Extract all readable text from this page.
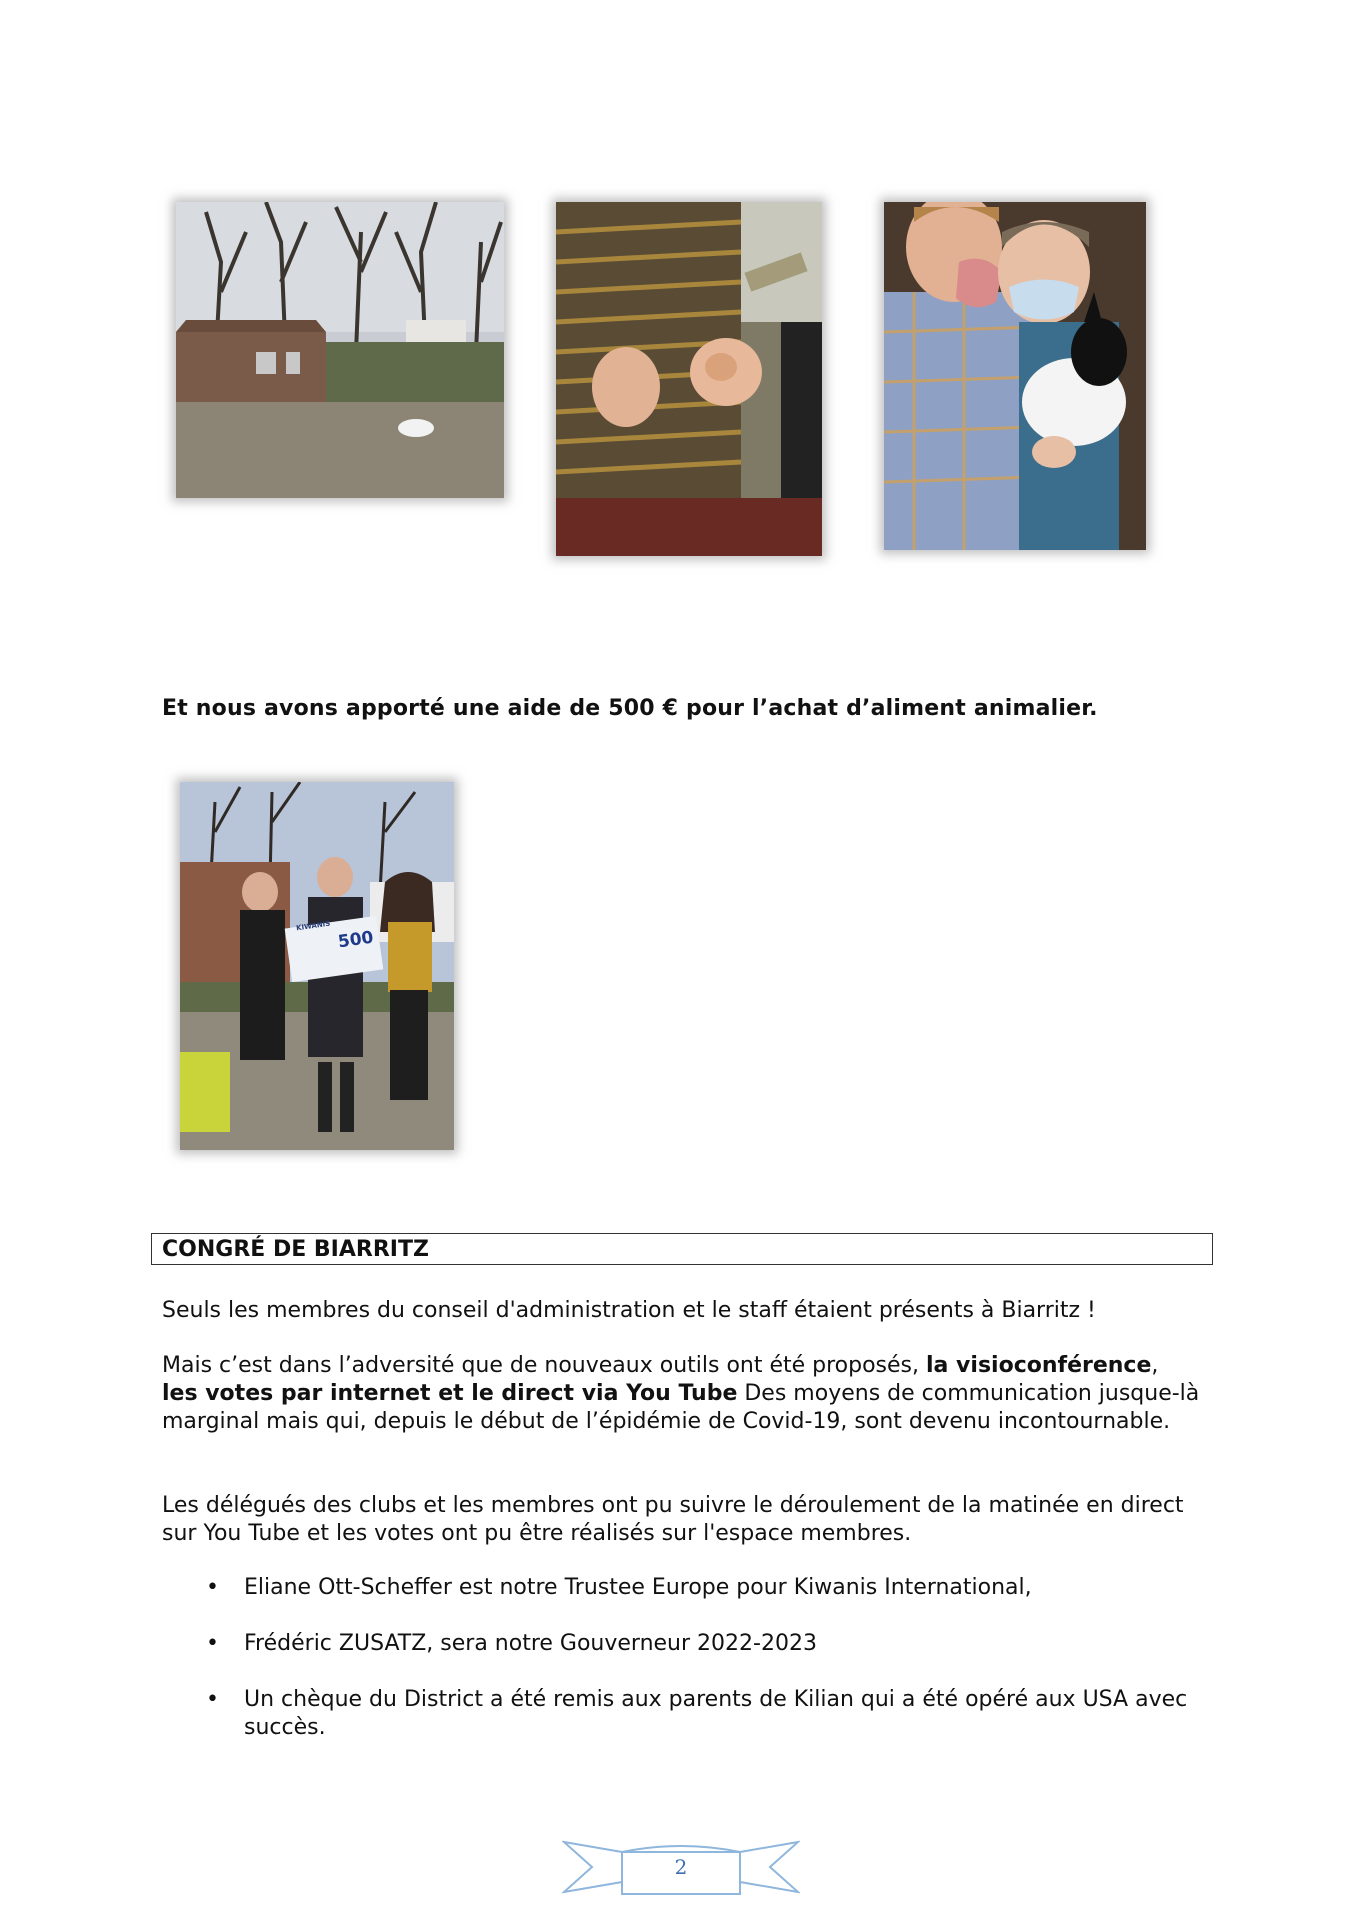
Et nous avons apporté une aide de 500 € pour l’achat d’aliment animalier.

KIWANIS
500

CONGRÉ DE BIARRITZ

Seuls les membres du conseil d'administration et le staff étaient présents à Biarritz !

Mais c’est dans l’adversité que de nouveaux outils ont été proposés, la visioconférence,
les votes par internet et le direct via You Tube Des moyens de communication jusque-là marginal mais qui, depuis le début de l’épidémie de Covid-19, sont devenu incontournable.

Les délégués des clubs et les membres ont pu suivre le déroulement de la matinée en direct sur You Tube et les votes ont pu être réalisés sur l'espace membres.

• Eliane Ott-Scheffer est notre Trustee Europe pour Kiwanis International,
• Frédéric ZUSATZ, sera notre Gouverneur 2022-2023
• Un chèque du District a été remis aux parents de Kilian qui a été opéré aux USA avec succès.
2
